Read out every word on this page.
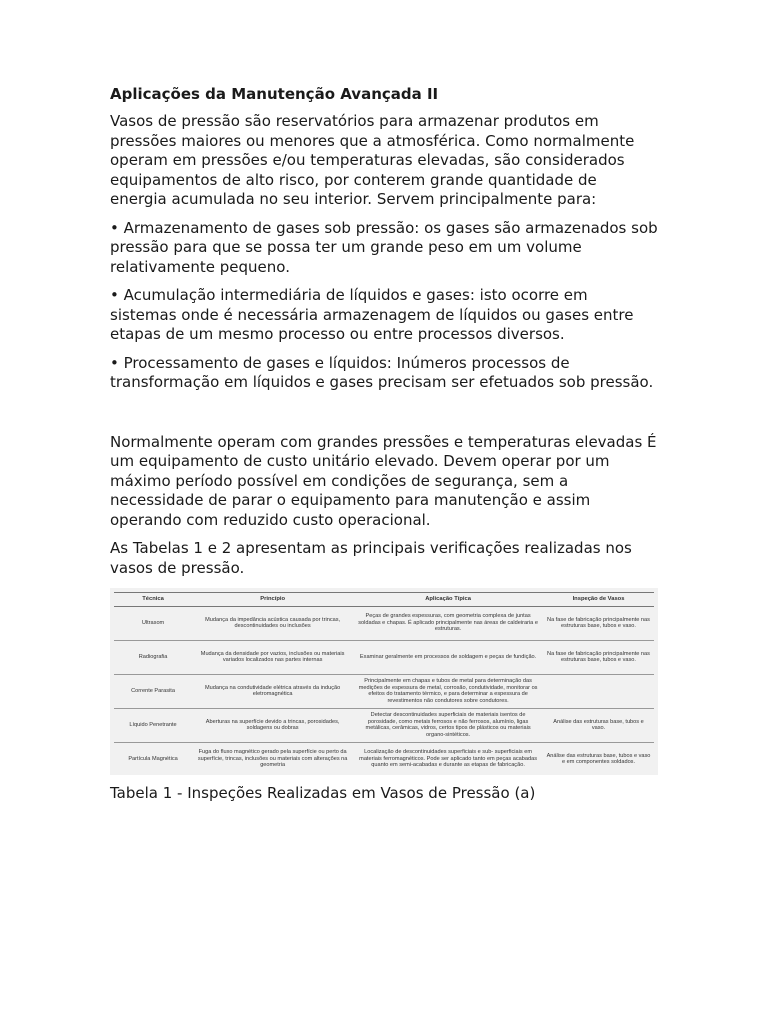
Aplicações da Manutenção Avançada II

Vasos de pressão são reservatórios para armazenar produtos em pressões maiores ou menores que a atmosférica. Como normalmente operam em pressões e/ou temperaturas elevadas, são considerados equipamentos de alto risco, por conterem grande quantidade de energia acumulada no seu interior. Servem principalmente para:

• Armazenamento de gases sob pressão: os gases são armazenados sob pressão para que se possa ter um grande peso em um volume relativamente pequeno.

• Acumulação intermediária de líquidos e gases: isto ocorre em sistemas onde é necessária armazenagem de líquidos ou gases entre etapas de um mesmo processo ou entre processos diversos.

• Processamento de gases e líquidos: Inúmeros processos de transformação em líquidos e gases precisam ser efetuados sob pressão.

Normalmente operam com grandes pressões e temperaturas elevadas É um equipamento de custo unitário elevado. Devem operar por um máximo período possível em condições de segurança, sem a necessidade de parar o equipamento para manutenção e assim operando com reduzido custo operacional.

As Tabelas 1 e 2 apresentam as principais verificações realizadas nos vasos de pressão.

Técnica	Princípio	Aplicação Típica	Inspeção de Vasos
Ultrasom	Mudança da impedância acústica causada por trincas, descontinuidades ou inclusões	Peças de grandes espessuras, com geometria complexa de juntas soldadas e chapas. É aplicado principalmente nas áreas de caldeiraria e estruturas.	Na fase de fabricação principalmente nas estruturas base, tubos e vaso.
Radiografia	Mudança da densidade por vazios, inclusões ou materiais variados localizados nas partes internas	Examinar geralmente em processos de soldagem e peças de fundição.	Na fase de fabricação principalmente nas estruturas base, tubos e vaso.
Corrente Parasita	Mudança na condutividade elétrica através da indução eletromagnética	Principalmente em chapas e tubos de metal para determinação das medições de espessura de metal, corrosão, condutividade, monitorar os efeitos do tratamento térmico, e para determinar a espessura de revestimentos não condutores sobre condutores.	
Líquido Penetrante	Aberturas na superfície devido a trincas, porosidades, soldagens ou dobras	Detectar descontinuidades superficiais de materiais isentos de porosidade, como metais ferrosos e não ferrosos, alumínio, ligas metálicas, cerâmicas, vidros, certos tipos de plásticos ou materiais organo-sintéticos.	Análise das estruturas base, tubos e vaso.
Partícula Magnética	Fuga do fluxo magnético gerado pela superfície ou perto da superfície, trincas, inclusões ou materiais com alterações na geometria	Localização de descontinuidades superficiais e sub- superficiais em materiais ferromagnéticos. Pode ser aplicado tanto em peças acabadas quanto em semi-acabadas e durante as etapas de fabricação.	Análise das estruturas base, tubos e vaso e em componentes soldados.

Tabela 1 - Inspeções Realizadas em Vasos de Pressão (a)
